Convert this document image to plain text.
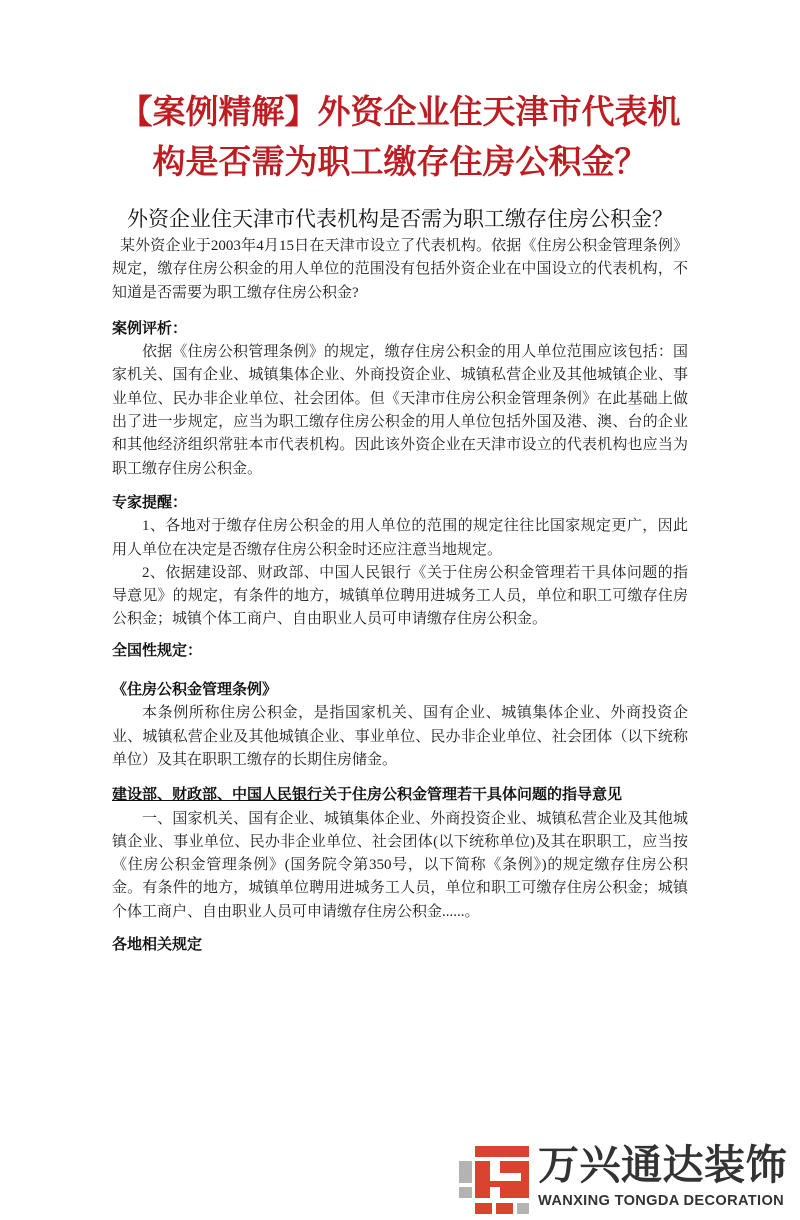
【案例精解】外资企业住天津市代表机
构是否需为职工缴存住房公积金？
外资企业住天津市代表机构是否需为职工缴存住房公积金？

某外资企业于2003年4月15日在天津市设立了代表机构。依据《住房公积金管理条例》规定，缴存住房公积金的用人单位的范围没有包括外资企业在中国设立的代表机构，不知道是否需要为职工缴存住房公积金?

案例评析：

依据《住房公积管理条例》的规定，缴存住房公积金的用人单位范围应该包括：国家机关、国有企业、城镇集体企业、外商投资企业、城镇私营企业及其他城镇企业、事业单位、民办非企业单位、社会团体。但《天津市住房公积金管理条例》在此基础上做出了进一步规定，应当为职工缴存住房公积金的用人单位包括外国及港、澳、台的企业和其他经济组织常驻本市代表机构。因此该外资企业在天津市设立的代表机构也应当为职工缴存住房公积金。

专家提醒：

1、各地对于缴存住房公积金的用人单位的范围的规定往往比国家规定更广，因此用人单位在决定是否缴存住房公积金时还应注意当地规定。

2、依据建设部、财政部、中国人民银行《关于住房公积金管理若干具体问题的指导意见》的规定，有条件的地方，城镇单位聘用进城务工人员，单位和职工可缴存住房公积金；城镇个体工商户、自由职业人员可申请缴存住房公积金。

全国性规定：
《住房公积金管理条例》

本条例所称住房公积金，是指国家机关、国有企业、城镇集体企业、外商投资企业、城镇私营企业及其他城镇企业、事业单位、民办非企业单位、社会团体（以下统称单位）及其在职职工缴存的长期住房储金。

建设部、财政部、中国人民银行关于住房公积金管理若干具体问题的指导意见

一、国家机关、国有企业、城镇集体企业、外商投资企业、城镇私营企业及其他城镇企业、事业单位、民办非企业单位、社会团体(以下统称单位)及其在职职工，应当按《住房公积金管理条例》(国务院令第350号，以下简称《条例》)的规定缴存住房公积金。有条件的地方，城镇单位聘用进城务工人员，单位和职工可缴存住房公积金；城镇个体工商户、自由职业人员可申请缴存住房公积金......。

各地相关规定
万兴通达装饰
WANXING TONGDA DECORATION
